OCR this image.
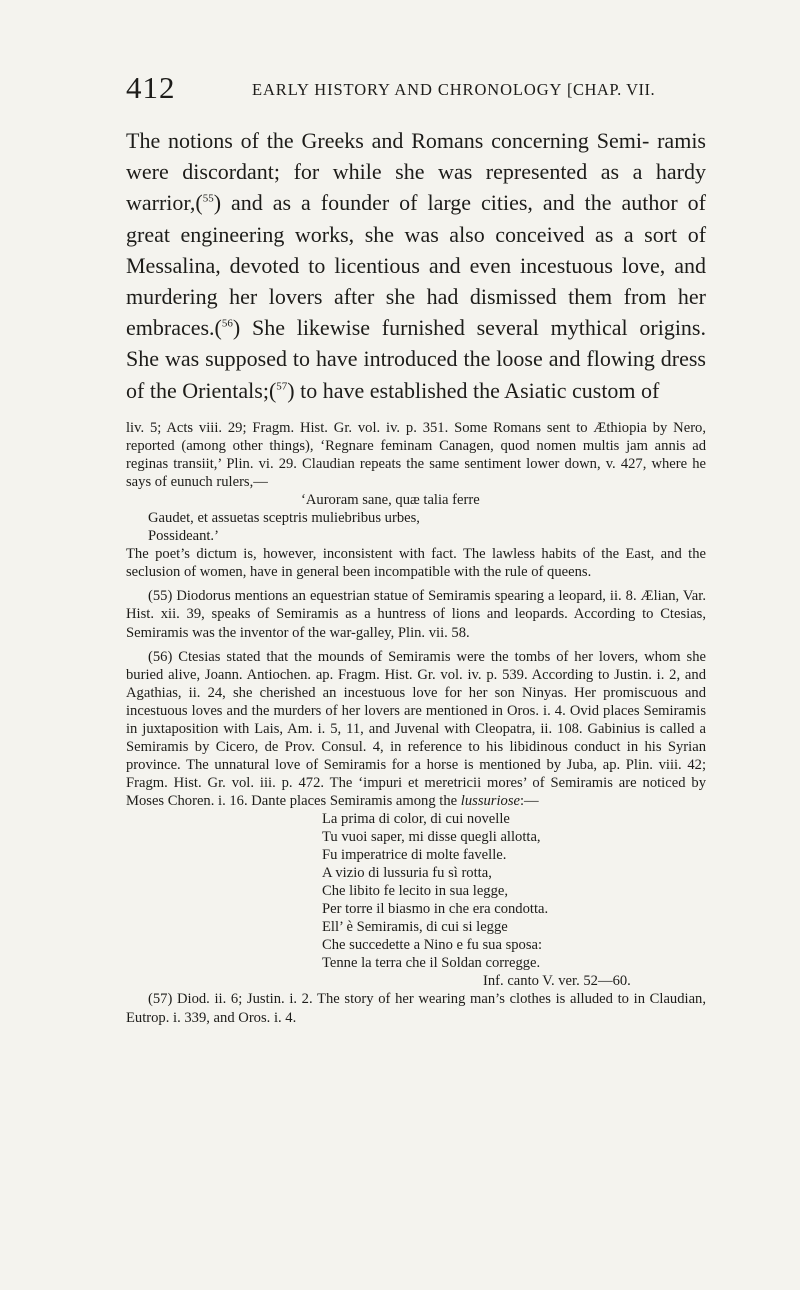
412	EARLY HISTORY AND CHRONOLOGY [CHAP. VII.
The notions of the Greeks and Romans concerning Semi- ramis were discordant; for while she was represented as a hardy warrior,($^{55}$) and as a founder of large cities, and the author of great engineering works, she was also conceived as a sort of Messalina, devoted to licentious and even incestuous love, and murdering her lovers after she had dismissed them from her embraces.($^{56}$) She likewise furnished several mythical origins. She was supposed to have introduced the loose and flowing dress of the Orientals;($^{57}$) to have established the Asiatic custom of

liv. 5; Acts viii. 29; Fragm. Hist. Gr. vol. iv. p. 351. Some Romans sent to Æthiopia by Nero, reported (among other things), ‘Regnare feminam Canagen, quod nomen multis jam annis ad reginas transiit,’ Plin. vi. 29. Claudian repeats the same sentiment lower down, v. 427, where he says of eunuch rulers,—

‘Auroram sane, quæ talia ferre
Gaudet, et assuetas sceptris muliebribus urbes,
Possideant.’

The poet’s dictum is, however, inconsistent with fact. The lawless habits of the East, and the seclusion of women, have in general been incompatible with the rule of queens.

(55) Diodorus mentions an equestrian statue of Semiramis spearing a leopard, ii. 8. Ælian, Var. Hist. xii. 39, speaks of Semiramis as a huntress of lions and leopards. According to Ctesias, Semiramis was the inventor of the war-galley, Plin. vii. 58.

(56) Ctesias stated that the mounds of Semiramis were the tombs of her lovers, whom she buried alive, Joann. Antiochen. ap. Fragm. Hist. Gr. vol. iv. p. 539. According to Justin. i. 2, and Agathias, ii. 24, she cherished an incestuous love for her son Ninyas. Her promiscuous and incestuous loves and the murders of her lovers are mentioned in Oros. i. 4. Ovid places Semiramis in juxtaposition with Lais, Am. i. 5, 11, and Juvenal with Cleopatra, ii. 108. Gabinius is called a Semiramis by Cicero, de Prov. Consul. 4, in reference to his libidinous conduct in his Syrian province. The unnatural love of Semiramis for a horse is mentioned by Juba, ap. Plin. viii. 42; Fragm. Hist. Gr. vol. iii. p. 472. The ‘impuri et meretricii mores’ of Semiramis are noticed by Moses Choren. i. 16. Dante places Semiramis among the lussuriose:—

La prima di color, di cui novelle
Tu vuoi saper, mi disse quegli allotta,
Fu imperatrice di molte favelle.
A vizio di lussuria fu sì rotta,
Che libito fe lecito in sua legge,
Per torre il biasmo in che era condotta.
Ell’ è Semiramis, di cui si legge
Che succedette a Nino e fu sua sposa:
Tenne la terra che il Soldan corregge.
Inf. canto V. ver. 52—60.

(57) Diod. ii. 6; Justin. i. 2. The story of her wearing man’s clothes is alluded to in Claudian, Eutrop. i. 339, and Oros. i. 4.
